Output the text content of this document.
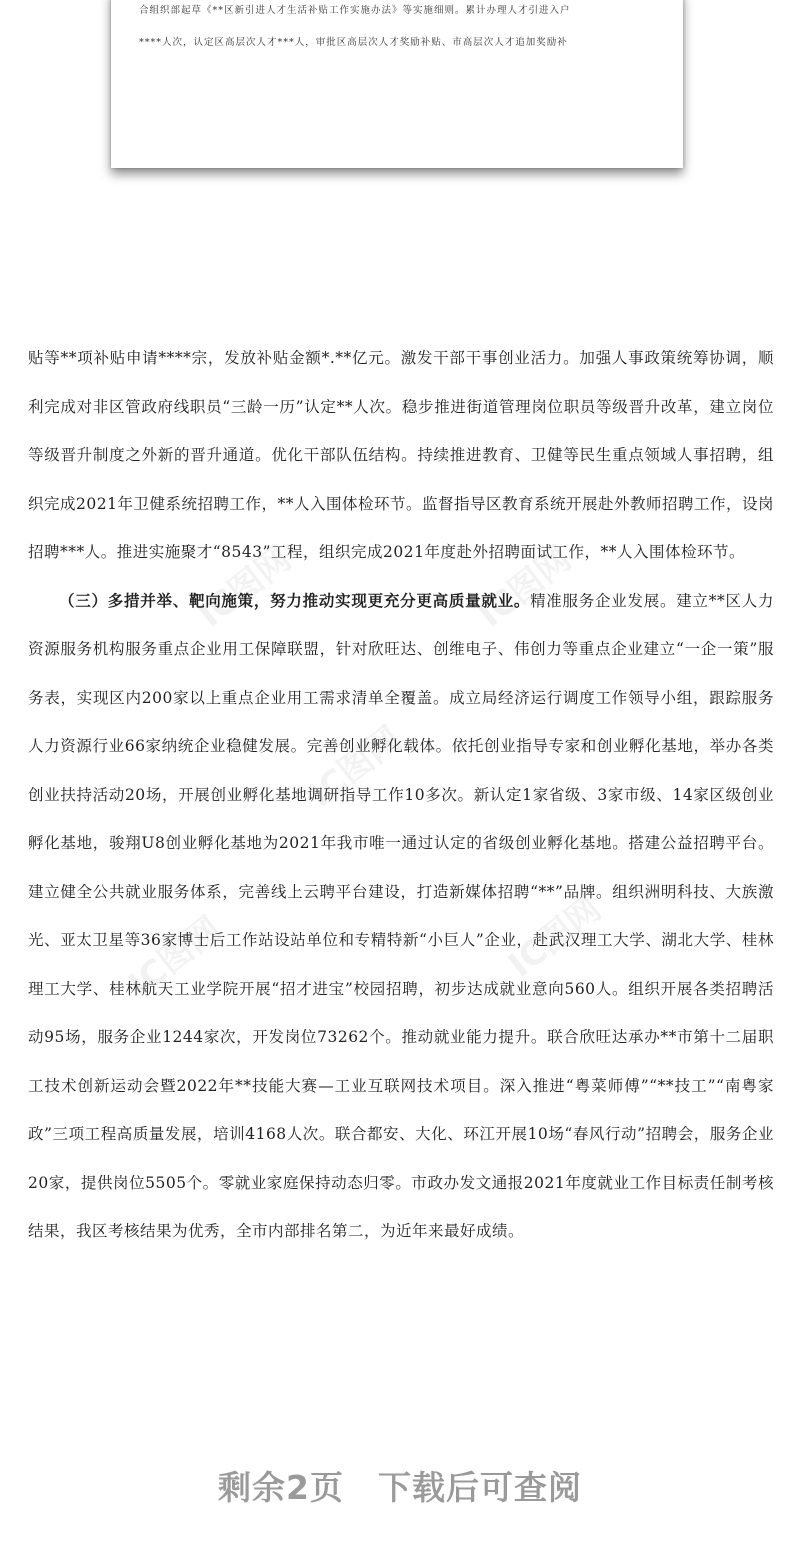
合组织部起草《**区新引进人才生活补贴工作实施办法》等实施细则。累计办理人才引进入户
****人次，认定区高层次人才***人，审批区高层次人才奖励补贴、市高层次人才追加奖励补
IC图网	IC图网
IC图网
IC图网	IC图网

贴等**项补贴申请****宗，发放补贴金额*.**亿元。激发干部干事创业活力。加强人事政策统筹协调，顺利完成对非区管政府线职员“三龄一历”认定**人次。稳步推进街道管理岗位职员等级晋升改革，建立岗位等级晋升制度之外新的晋升通道。优化干部队伍结构。持续推进教育、卫健等民生重点领域人事招聘，组织完成2021年卫健系统招聘工作，**人入围体检环节。监督指导区教育系统开展赴外教师招聘工作，设岗招聘***人。推进实施聚才“8543”工程，组织完成2021年度赴外招聘面试工作，**人入围体检环节。

（三）多措并举、靶向施策，努力推动实现更充分更高质量就业。精准服务企业发展。建立**区人力资源服务机构服务重点企业用工保障联盟，针对欣旺达、创维电子、伟创力等重点企业建立“一企一策”服务表，实现区内200家以上重点企业用工需求清单全覆盖。成立局经济运行调度工作领导小组，跟踪服务人力资源行业66家纳统企业稳健发展。完善创业孵化载体。依托创业指导专家和创业孵化基地，举办各类创业扶持活动20场，开展创业孵化基地调研指导工作10多次。新认定1家省级、3家市级、14家区级创业孵化基地，骏翔U8创业孵化基地为2021年我市唯一通过认定的省级创业孵化基地。搭建公益招聘平台。建立健全公共就业服务体系，完善线上云聘平台建设，打造新媒体招聘“**”品牌。组织洲明科技、大族激光、亚太卫星等36家博士后工作站设站单位和专精特新“小巨人”企业，赴武汉理工大学、湖北大学、桂林理工大学、桂林航天工业学院开展“招才进宝”校园招聘，初步达成就业意向560人。组织开展各类招聘活动95场，服务企业1244家次，开发岗位73262个。推动就业能力提升。联合欣旺达承办**市第十二届职工技术创新运动会暨2022年**技能大赛—工业互联网技术项目。深入推进“粤菜师傅”“**技工”“南粤家政”三项工程高质量发展，培训4168人次。联合都安、大化、环江开展10场“春风行动”招聘会，服务企业20家，提供岗位5505个。零就业家庭保持动态归零。市政办发文通报2021年度就业工作目标责任制考核结果，我区考核结果为优秀，全市内部排名第二，为近年来最好成绩。

剩余2页　下载后可查阅
